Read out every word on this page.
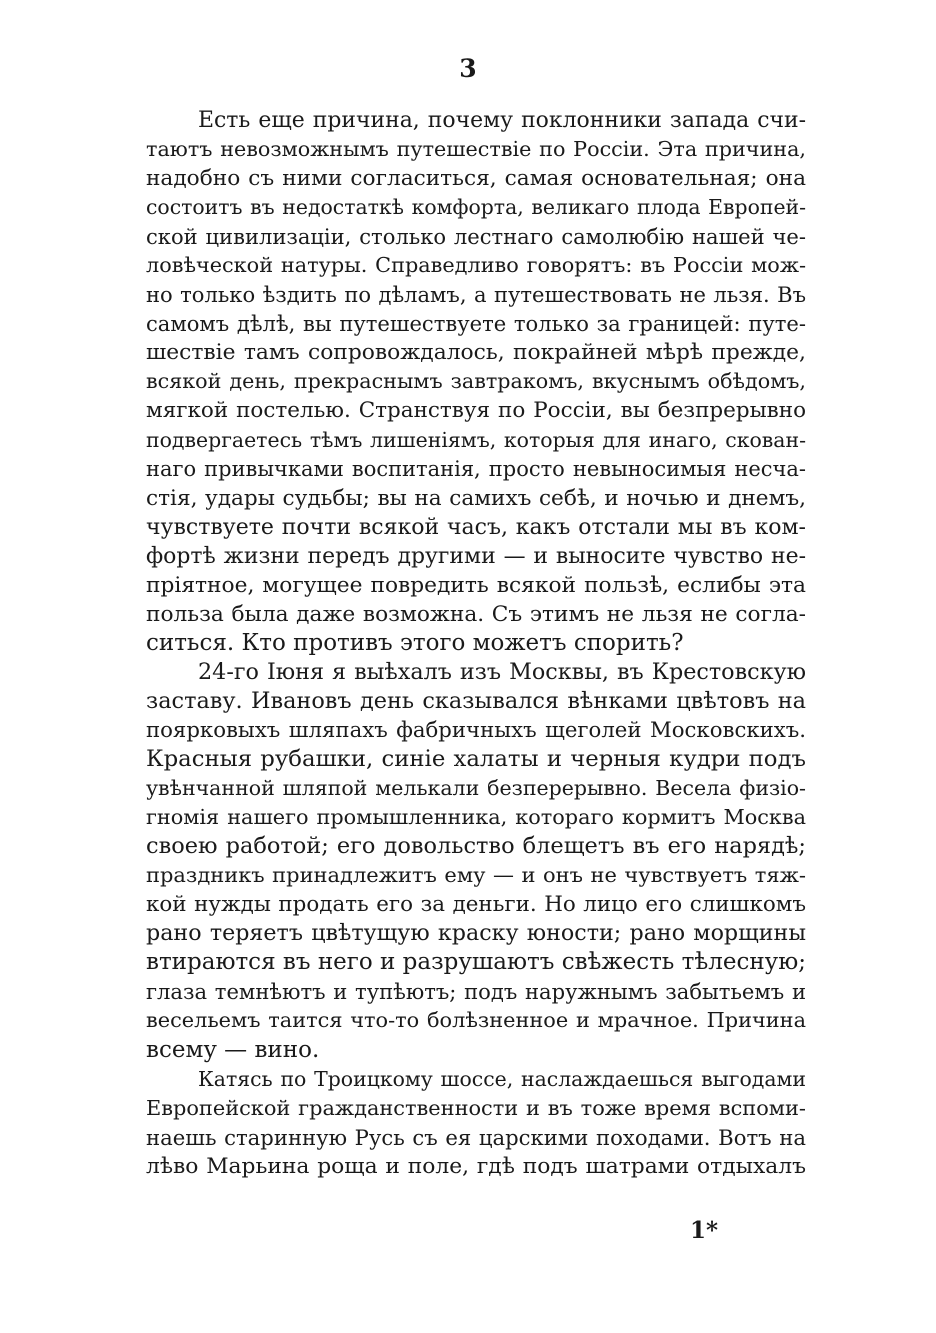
3
Есть еще причина, почему поклонники запада счи-
таютъ невозможнымъ путешествіе по Россіи. Эта причина,
надобно съ ними согласиться, самая основательная; она
состоитъ въ недостаткѣ комфорта, великаго плода Европей-
ской цивилизаціи, столько лестнаго самолюбію нашей че-
ловѣческой натуры. Справедливо говорятъ: въ Россіи мож-
но только ѣздить по дѣламъ, а путешествовать не льзя. Въ
самомъ дѣлѣ, вы путешествуете только за границей: путе-
шествіе тамъ сопровождалось, покрайней мѣрѣ прежде,
всякой день, прекраснымъ завтракомъ, вкуснымъ обѣдомъ,
мягкой постелью. Странствуя по Россіи, вы безпрерывно
подвергаетесь тѣмъ лишеніямъ, которыя для инаго, скован-
наго привычками воспитанія, просто невыносимыя несча-
стія, удары судьбы; вы на самихъ себѣ, и ночью и днемъ,
чувствуете почти всякой часъ, какъ отстали мы въ ком-
фортѣ жизни передъ другими — и выносите чувство не-
пріятное, могущее повредить всякой пользѣ, еслибы эта
польза была даже возможна. Съ этимъ не льзя не согла-
ситься. Кто противъ этого можетъ спорить?
24-го Іюня я выѣхалъ изъ Москвы, въ Крестовскую
заставу. Ивановъ день сказывался вѣнками цвѣтовъ на
поярковыхъ шляпахъ фабричныхъ щеголей Московскихъ.
Красныя рубашки, синіе халаты и черныя кудри подъ
увѣнчанной шляпой мелькали безперерывно. Весела физіо-
гномія нашего промышленника, котораго кормитъ Москва
своею работой; его довольство блещетъ въ его нарядѣ;
праздникъ принадлежитъ ему — и онъ не чувствуетъ тяж-
кой нужды продать его за деньги. Но лицо его слишкомъ
рано теряетъ цвѣтущую краску юности; рано морщины
втираются въ него и разрушаютъ свѣжесть тѣлесную;
глаза темнѣютъ и тупѣютъ; подъ наружнымъ забытьемъ и
весельемъ таится что-то болѣзненное и мрачное. Причина
всему — вино.
Катясь по Троицкому шоссе, наслаждаешься выгодами
Европейской гражданственности и въ тоже время вспоми-
наешь старинную Русь съ ея царскими походами. Вотъ на
лѣво Марьина роща и поле, гдѣ подъ шатрами отдыхалъ
1*
